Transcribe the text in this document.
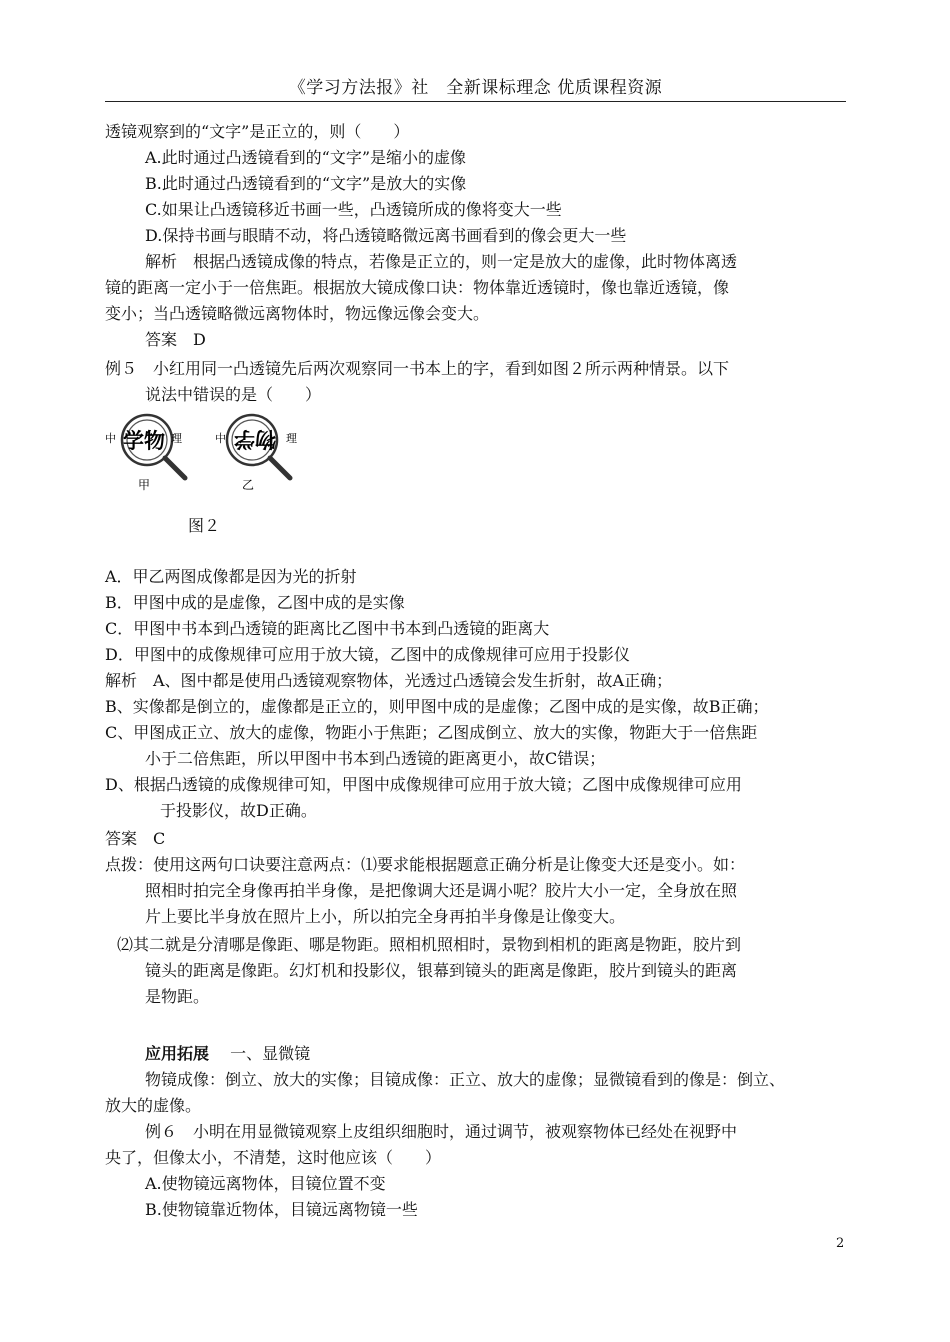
《学习方法报》社　全新课标理念 优质课程资源
透镜观察到的“文字”是正立的，则（　　）
A.此时通过凸透镜看到的“文字”是缩小的虚像
B.此时通过凸透镜看到的“文字”是放大的实像
C.如果让凸透镜移近书画一些，凸透镜所成的像将变大一些
D.保持书画与眼睛不动，将凸透镜略微远离书画看到的像会更大一些
解析　根据凸透镜成像的特点，若像是正立的，则一定是放大的虚像，此时物体离透
镜的距离一定小于一倍焦距。根据放大镜成像口诀：物体靠近透镜时，像也靠近透镜，像
变小；当凸透镜略微远离物体时，物远像远像会变大。
答案　D
例５　小红用同一凸透镜先后两次观察同一书本上的字，看到如图２所示两种情景。以下
说法中错误的是（　　）
中 学物 理
甲
中 物学 理
乙
图２
A．甲乙两图成像都是因为光的折射
B．甲图中成的是虚像，乙图中成的是实像
C．甲图中书本到凸透镜的距离比乙图中书本到凸透镜的距离大
D．甲图中的成像规律可应用于放大镜，乙图中的成像规律可应用于投影仪
解析　A、图中都是使用凸透镜观察物体，光透过凸透镜会发生折射，故A正确；
B、实像都是倒立的，虚像都是正立的，则甲图中成的是虚像；乙图中成的是实像，故B正确；
C、甲图成正立、放大的虚像，物距小于焦距；乙图成倒立、放大的实像，物距大于一倍焦距
小于二倍焦距，所以甲图中书本到凸透镜的距离更小，故C错误；
D、根据凸透镜的成像规律可知，甲图中成像规律可应用于放大镜；乙图中成像规律可应用
于投影仪，故D正确。
答案　C
点拨：使用这两句口诀要注意两点：⑴要求能根据题意正确分析是让像变大还是变小。如：
照相时拍完全身像再拍半身像，是把像调大还是调小呢？胶片大小一定，全身放在照
片上要比半身放在照片上小，所以拍完全身再拍半身像是让像变大。
⑵其二就是分清哪是像距、哪是物距。照相机照相时，景物到相机的距离是物距，胶片到
镜头的距离是像距。幻灯机和投影仪，银幕到镜头的距离是像距，胶片到镜头的距离
是物距。
应用拓展　 一、显微镜
物镜成像：倒立、放大的实像；目镜成像：正立、放大的虚像；显微镜看到的像是：倒立、
放大的虚像。
例６　小明在用显微镜观察上皮组织细胞时，通过调节，被观察物体已经处在视野中
央了，但像太小，不清楚，这时他应该（　　）
A.使物镜远离物体，目镜位置不变
B.使物镜靠近物体，目镜远离物镜一些
2
